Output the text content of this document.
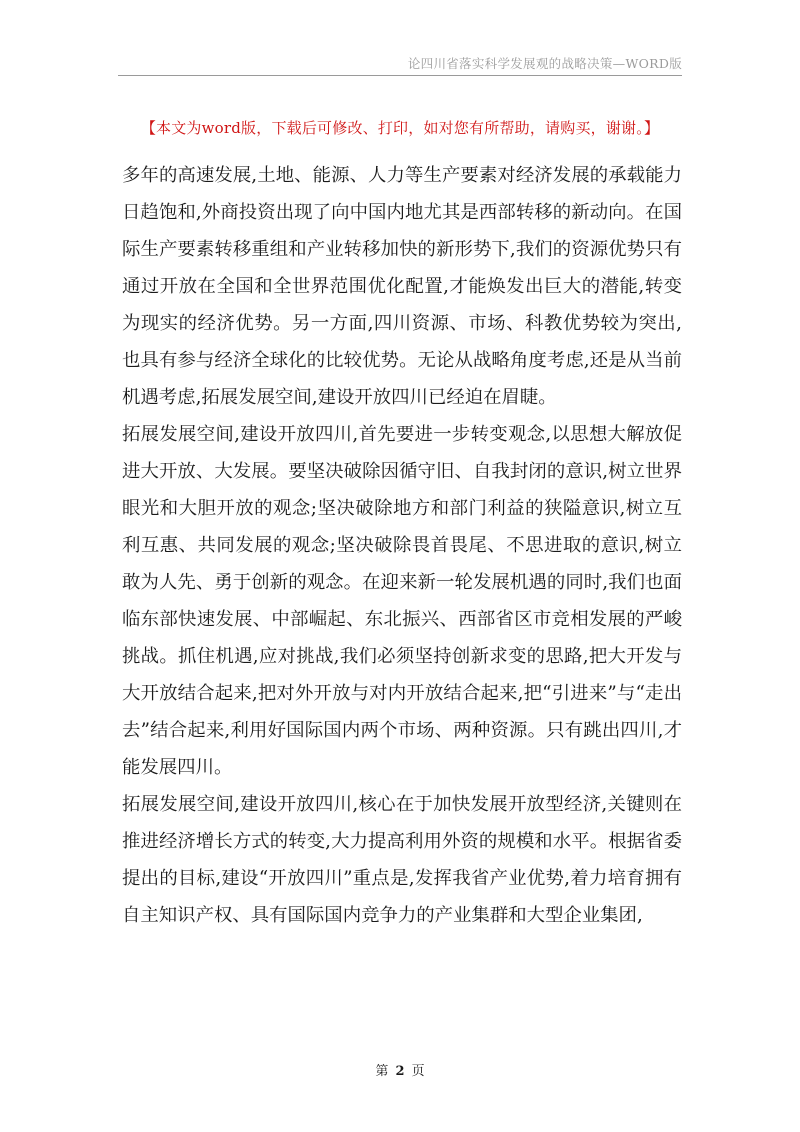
论四川省落实科学发展观的战略决策—WORD版
【本文为word版，下载后可修改、打印，如对您有所帮助，请购买，谢谢。】

多年的高速发展,土地、能源、人力等生产要素对经济发展的承载能力日趋饱和,外商投资出现了向中国内地尤其是西部转移的新动向。在国际生产要素转移重组和产业转移加快的新形势下,我们的资源优势只有通过开放在全国和全世界范围优化配置,才能焕发出巨大的潜能,转变为现实的经济优势。另一方面,四川资源、市场、科教优势较为突出,也具有参与经济全球化的比较优势。无论从战略角度考虑,还是从当前机遇考虑,拓展发展空间,建设开放四川已经迫在眉睫。

拓展发展空间,建设开放四川,首先要进一步转变观念,以思想大解放促进大开放、大发展。要坚决破除因循守旧、自我封闭的意识,树立世界眼光和大胆开放的观念;坚决破除地方和部门利益的狭隘意识,树立互利互惠、共同发展的观念;坚决破除畏首畏尾、不思进取的意识,树立敢为人先、勇于创新的观念。在迎来新一轮发展机遇的同时,我们也面临东部快速发展、中部崛起、东北振兴、西部省区市竞相发展的严峻挑战。抓住机遇,应对挑战,我们必须坚持创新求变的思路,把大开发与大开放结合起来,把对外开放与对内开放结合起来,把“引进来”与“走出去”结合起来,利用好国际国内两个市场、两种资源。只有跳出四川,才能发展四川。

拓展发展空间,建设开放四川,核心在于加快发展开放型经济,关键则在推进经济增长方式的转变,大力提高利用外资的规模和水平。根据省委提出的目标,建设“开放四川”重点是,发挥我省产业优势,着力培育拥有自主知识产权、具有国际国内竞争力的产业集群和大型企业集团,

第 2 页
